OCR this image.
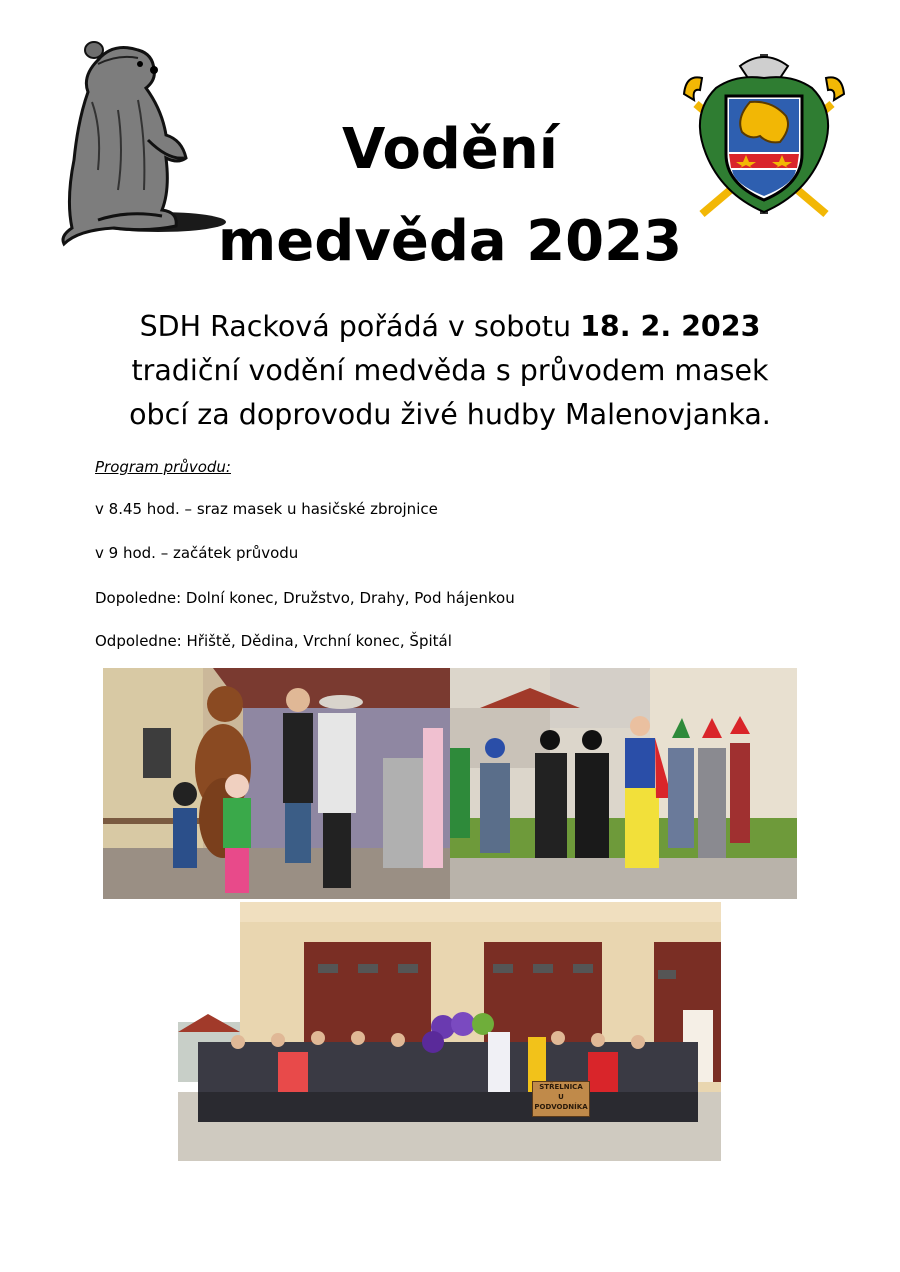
Vodění
medvěda 2023
SDH Racková pořádá v sobotu 18. 2. 2023
tradiční vodění medvěda s průvodem masek
obcí za doprovodu živé hudby Malenovjanka.

Program průvodu:

v 8.45 hod. – sraz masek u hasičské zbrojnice

v 9 hod. – začátek průvodu

Dopoledne: Dolní konec, Družstvo, Drahy, Pod hájenkou

Odpoledne: Hřiště, Dědina, Vrchní konec, Špitál

STŘELNICA
U
PODVODNÍKA
